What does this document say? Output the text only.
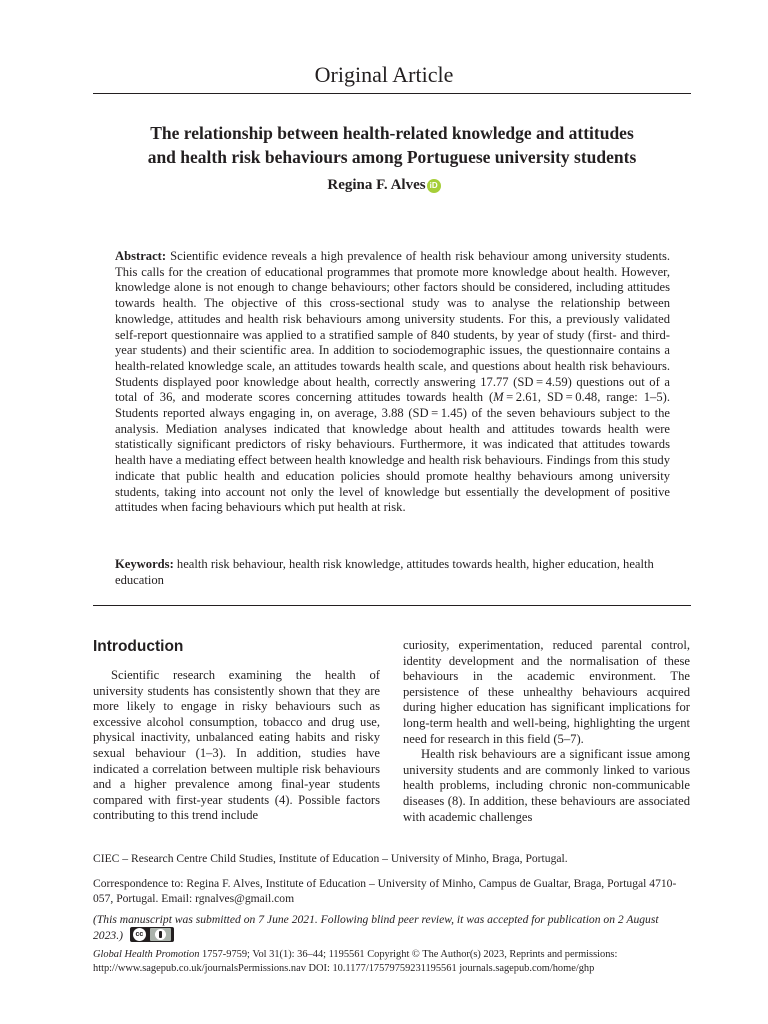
Original Article
The relationship between health-related knowledge and attitudes
and health risk behaviours among Portuguese university students
Regina F. Alves iD
Abstract: Scientific evidence reveals a high prevalence of health risk behaviour among university students. This calls for the creation of educational programmes that promote more knowledge about health. However, knowledge alone is not enough to change behaviours; other factors should be considered, including attitudes towards health. The objective of this cross-sectional study was to analyse the relationship between knowledge, attitudes and health risk behaviours among university students. For this, a previously validated self-report questionnaire was applied to a stratified sample of 840 students, by year of study (first- and third-year students) and their scientific area. In addition to sociodemographic issues, the questionnaire contains a health-related knowledge scale, an attitudes towards health scale, and questions about health risk behaviours. Students displayed poor knowledge about health, correctly answering 17.77 (SD = 4.59) questions out of a total of 36, and moderate scores concerning attitudes towards health (M = 2.61, SD = 0.48, range: 1–5). Students reported always engaging in, on average, 3.88 (SD = 1.45) of the seven behaviours subject to the analysis. Mediation analyses indicated that knowledge about health and attitudes towards health were statistically significant predictors of risky behaviours. Furthermore, it was indicated that attitudes towards health have a mediating effect between health knowledge and health risk behaviours. Findings from this study indicate that public health and education policies should promote healthy behaviours among university students, taking into account not only the level of knowledge but essentially the development of positive attitudes when facing behaviours which put health at risk.
Keywords: health risk behaviour, health risk knowledge, attitudes towards health, higher education, health education
Introduction

Scientific research examining the health of university students has consistently shown that they are more likely to engage in risky behaviours such as excessive alcohol consumption, tobacco and drug use, physical inactivity, unbalanced eating habits and risky sexual behaviour (1–3). In addition, studies have indicated a correlation between multiple risk behaviours and a higher prevalence among final-year students compared with first-year students (4). Possible factors contributing to this trend include

curiosity, experimentation, reduced parental control, identity development and the normalisation of these behaviours in the academic environment. The persistence of these unhealthy behaviours acquired during higher education has significant implications for long-term health and well-being, highlighting the urgent need for research in this field (5–7).

Health risk behaviours are a significant issue among university students and are commonly linked to various health problems, including chronic non-communicable diseases (8). In addition, these behaviours are associated with academic challenges

CIEC – Research Centre Child Studies, Institute of Education – University of Minho, Braga, Portugal.
Correspondence to: Regina F. Alves, Institute of Education – University of Minho, Campus de Gualtar, Braga, Portugal 4710-057, Portugal. Email: rgnalves@gmail.com
(This manuscript was submitted on 7 June 2021. Following blind peer review, it was accepted for publication on 2 August 2023.)	cc
Global Health Promotion 1757-9759; Vol 31(1): 36–44; 1195561 Copyright © The Author(s) 2023, Reprints and permissions:
http://www.sagepub.co.uk/journalsPermissions.nav DOI: 10.1177/17579759231195561 journals.sagepub.com/home/ghp
